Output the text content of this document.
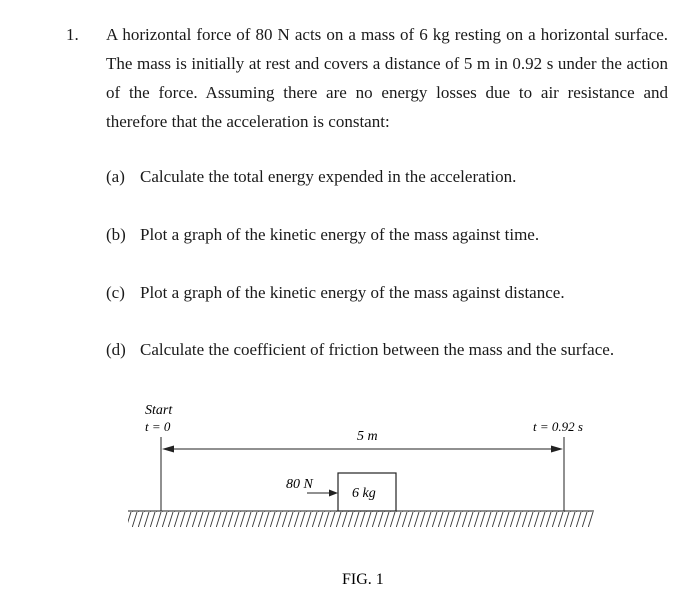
1. A horizontal force of 80 N acts on a mass of 6 kg resting on a horizontal surface. The mass is initially at rest and covers a distance of 5 m in 0.92 s under the action of the force. Assuming there are no energy losses due to air resistance and therefore that the acceleration is constant:
(a) Calculate the total energy expended in the acceleration.
(b) Plot a graph of the kinetic energy of the mass against time.
(c) Plot a graph of the kinetic energy of the mass against distance.
(d) Calculate the coefficient of friction between the mass and the surface.
Start
t = 0
5 m
t = 0.92 s
80 N
6 kg
FIG. 1
